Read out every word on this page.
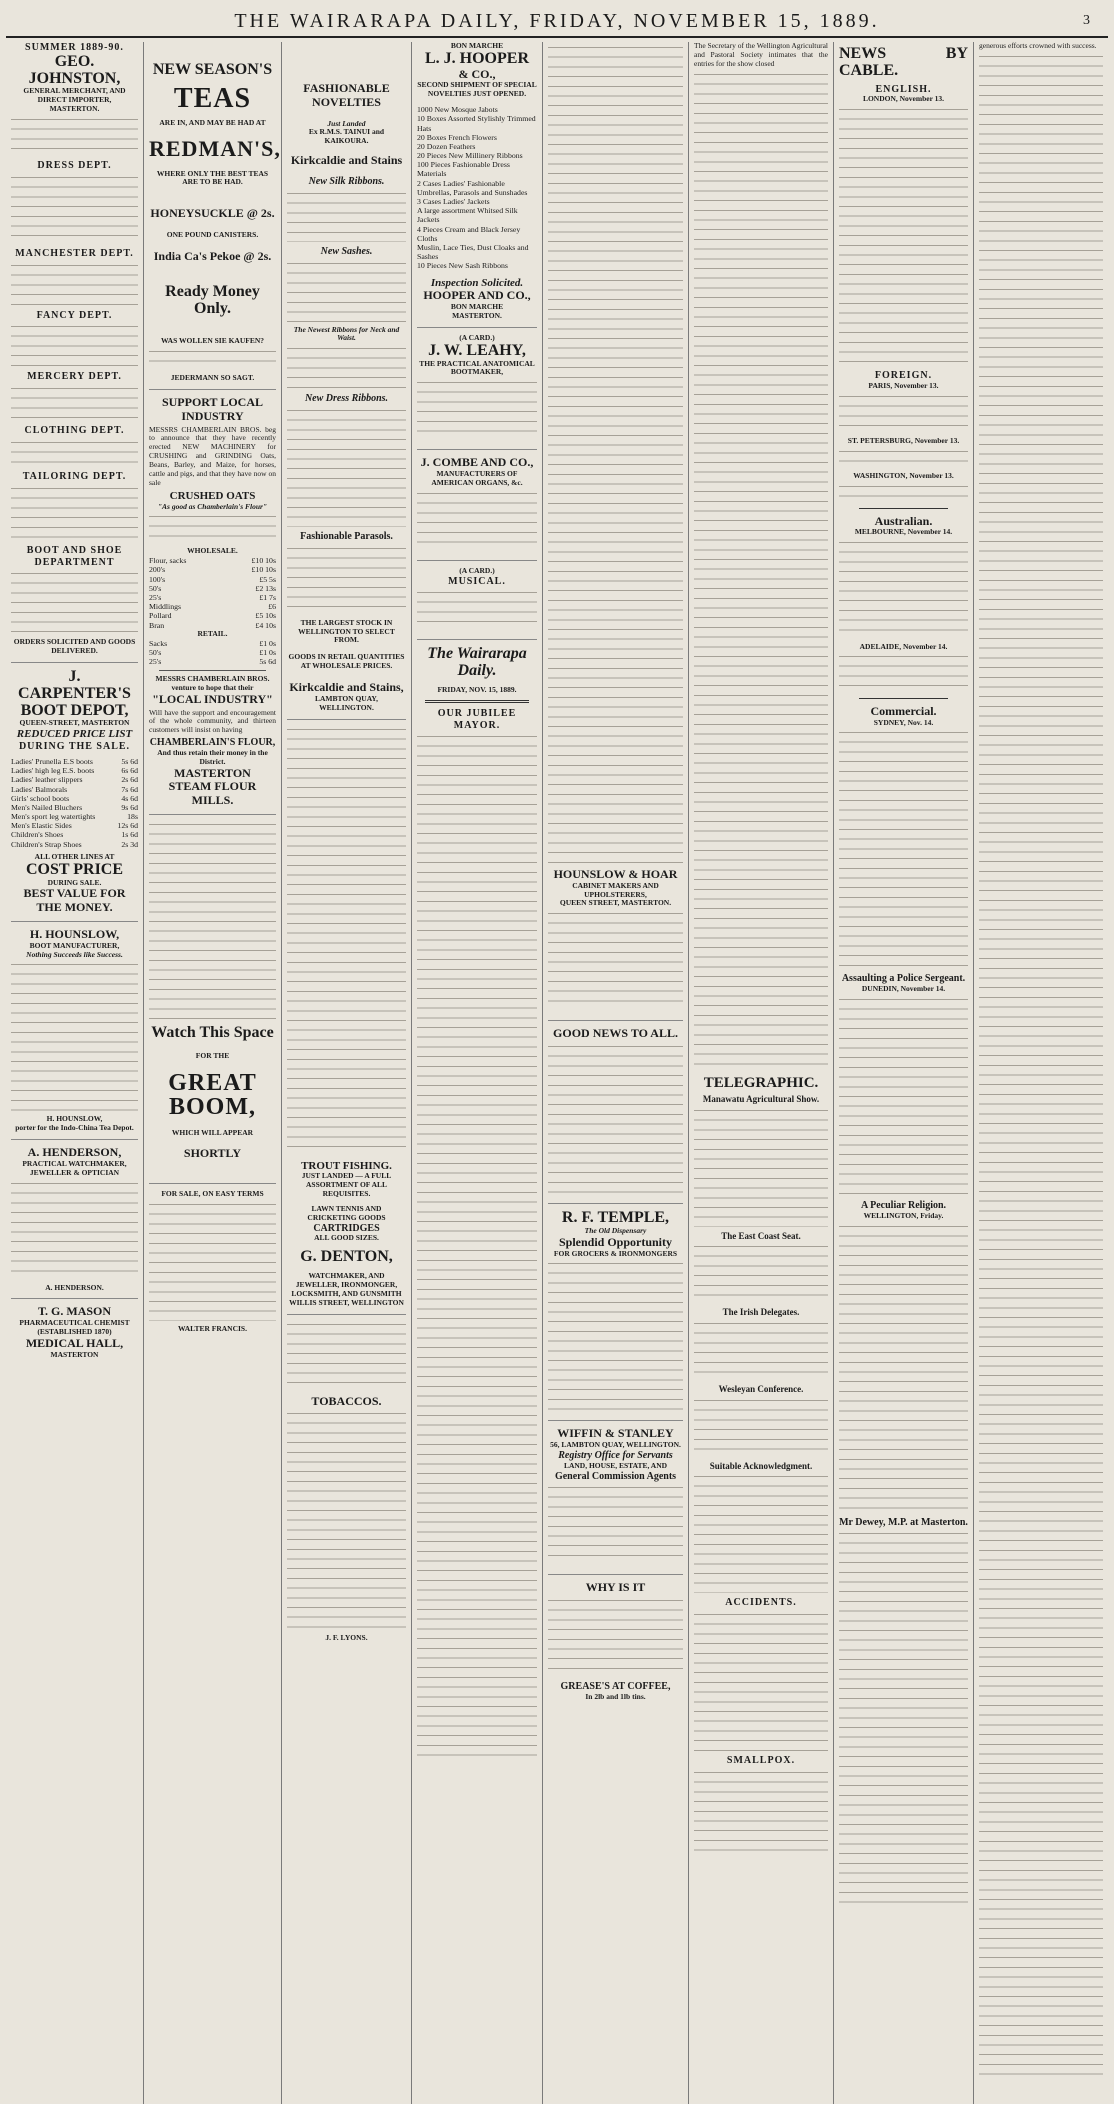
THE WAIRARAPA DAILY, FRIDAY, NOVEMBER 15, 1889.	3
SUMMER 1889-90.
GEO. JOHNSTON,
GENERAL MERCHANT, AND DIRECT IMPORTER,
MASTERTON.
DRESS DEPT.
MANCHESTER DEPT.
FANCY DEPT.
MERCERY DEPT.
CLOTHING DEPT.
TAILORING DEPT.
BOOT AND SHOE DEPARTMENT
ORDERS SOLICITED AND GOODS DELIVERED.
J. CARPENTER'S BOOT DEPOT,
QUEEN-STREET, MASTERTON
REDUCED PRICE LIST
DURING THE SALE.
Ladies' Prunella E.S boots	5s 6d
Ladies' high leg E.S. boots	6s 6d
Ladies' leather slippers	2s 6d
Ladies' Balmorals	7s 6d
Girls' school boots	4s 6d
Men's Nailed Bluchers	9s 6d
Men's sport leg watertights	18s
Men's Elastic Sides	12s 6d
Children's Shoes	1s 6d
Children's Strap Shoes	2s 3d
ALL OTHER LINES AT
COST PRICE
DURING SALE.
BEST VALUE FOR THE MONEY.
H. HOUNSLOW,
BOOT MANUFACTURER,
Nothing Succeeds like Success.
H. HOUNSLOW,
porter for the Indo-China Tea Depot.
A. HENDERSON,
PRACTICAL WATCHMAKER, JEWELLER & OPTICIAN
A. HENDERSON.
T. G. MASON
PHARMACEUTICAL CHEMIST
(ESTABLISHED 1870)
MEDICAL HALL,
MASTERTON
NEW SEASON'S
TEAS
ARE IN, AND MAY BE HAD AT
REDMAN'S,
WHERE ONLY THE BEST TEAS
ARE TO BE HAD.
HONEYSUCKLE @ 2s.
ONE POUND CANISTERS.
India Ca's Pekoe @ 2s.
Ready Money Only.
WAS WOLLEN SIE KAUFEN?
JEDERMANN SO SAGT.
SUPPORT LOCAL INDUSTRY

MESSRS CHAMBERLAIN BROS. beg to announce that they have recently erected NEW MACHINERY for CRUSHING and GRINDING Oats, Beans, Barley, and Maize, for horses, cattle and pigs, and that they have now on sale

CRUSHED OATS
"As good as Chamberlain's Flour"
WHOLESALE.
Flour, sacks	£10 10s
200's	£10 10s
100's	£5 5s
50's	£2 13s
25's	£1 7s
Middlings	£6
Pollard	£5 10s
Bran	£4 10s
RETAIL.
Sacks	£1 0s
50's	£1 0s
25's	5s 6d
MESSRS CHAMBERLAIN BROS. venture to hope that their
"LOCAL INDUSTRY"

Will have the support and encouragement of the whole community, and thirteen customers will insist on having

CHAMBERLAIN'S FLOUR,
And thus retain their money in the District.
MASTERTON
STEAM FLOUR MILLS.
Watch This Space
FOR THE
GREAT BOOM,
WHICH WILL APPEAR
SHORTLY
FOR SALE, ON EASY TERMS
WALTER FRANCIS.
FASHIONABLE
NOVELTIES
Just Landed
Ex R.M.S. TAINUI and KAIKOURA.
Kirkcaldie and Stains
New Silk Ribbons.
New Sashes.
The Newest Ribbons for Neck and Waist.
New Dress Ribbons.
Fashionable Parasols.
THE LARGEST STOCK IN WELLINGTON TO SELECT FROM.
GOODS IN RETAIL QUANTITIES AT WHOLESALE PRICES.
Kirkcaldie and Stains,
LAMBTON QUAY,
WELLINGTON.
TROUT FISHING.
JUST LANDED — A FULL ASSORTMENT OF ALL REQUISITES.
LAWN TENNIS AND CRICKETING GOODS
CARTRIDGES
ALL GOOD SIZES.
G. DENTON,
WATCHMAKER, AND JEWELLER, IRONMONGER, LOCKSMITH, AND GUNSMITH
WILLIS STREET, WELLINGTON
TOBACCOS.
J. F. LYONS.
BON MARCHE
L. J. HOOPER
& CO.,
SECOND SHIPMENT OF SPECIAL NOVELTIES JUST OPENED.
1000 New Mosque Jabots
10 Boxes Assorted Stylishly Trimmed Hats
20 Boxes French Flowers
20 Dozen Feathers
20 Pieces New Millinery Ribbons
100 Pieces Fashionable Dress Materials
2 Cases Ladies' Fashionable Umbrellas, Parasols and Sunshades
3 Cases Ladies' Jackets
A large assortment Whitsed Silk Jackets
4 Pieces Cream and Black Jersey Cloths
Muslin, Lace Ties, Dust Cloaks and Sashes
10 Pieces New Sash Ribbons
Inspection Solicited.
HOOPER AND CO.,
BON MARCHE
MASTERTON.
(A CARD.)
J. W. LEAHY,
THE PRACTICAL ANATOMICAL BOOTMAKER,
J. COMBE AND CO.,
MANUFACTURERS OF AMERICAN ORGANS, &c.
(A CARD.)
MUSICAL.
The Wairarapa Daily.
FRIDAY, NOV. 15, 1889.
OUR JUBILEE MAYOR.
HOUNSLOW & HOAR
CABINET MAKERS AND UPHOLSTERERS,
QUEEN STREET, MASTERTON.
GOOD NEWS TO ALL.
R. F. TEMPLE,
The Old Dispensary
Splendid Opportunity
FOR GROCERS & IRONMONGERS
WIFFIN & STANLEY
56, LAMBTON QUAY, WELLINGTON.
Registry Office for Servants
LAND, HOUSE, ESTATE, AND
General Commission Agents
WHY IS IT
GREASE'S AT COFFEE,
In 2lb and 1lb tins.

The Secretary of the Wellington Agricultural and Pastoral Society intimates that the entries for the show closed

TELEGRAPHIC.
Manawatu Agricultural Show.
The East Coast Seat.
The Irish Delegates.
Wesleyan Conference.
Suitable Acknowledgment.
ACCIDENTS.
SMALLPOX.
NEWS BY CABLE.
ENGLISH.
LONDON, November 13.
FOREIGN.
PARIS, November 13.
ST. PETERSBURG, November 13.
WASHINGTON, November 13.
Australian.
MELBOURNE, November 14.
ADELAIDE, November 14.
Commercial.
SYDNEY, Nov. 14.
Assaulting a Police Sergeant.
DUNEDIN, November 14.
A Peculiar Religion.
WELLINGTON, Friday.
Mr Dewey, M.P. at Masterton.

generous efforts crowned with success.
